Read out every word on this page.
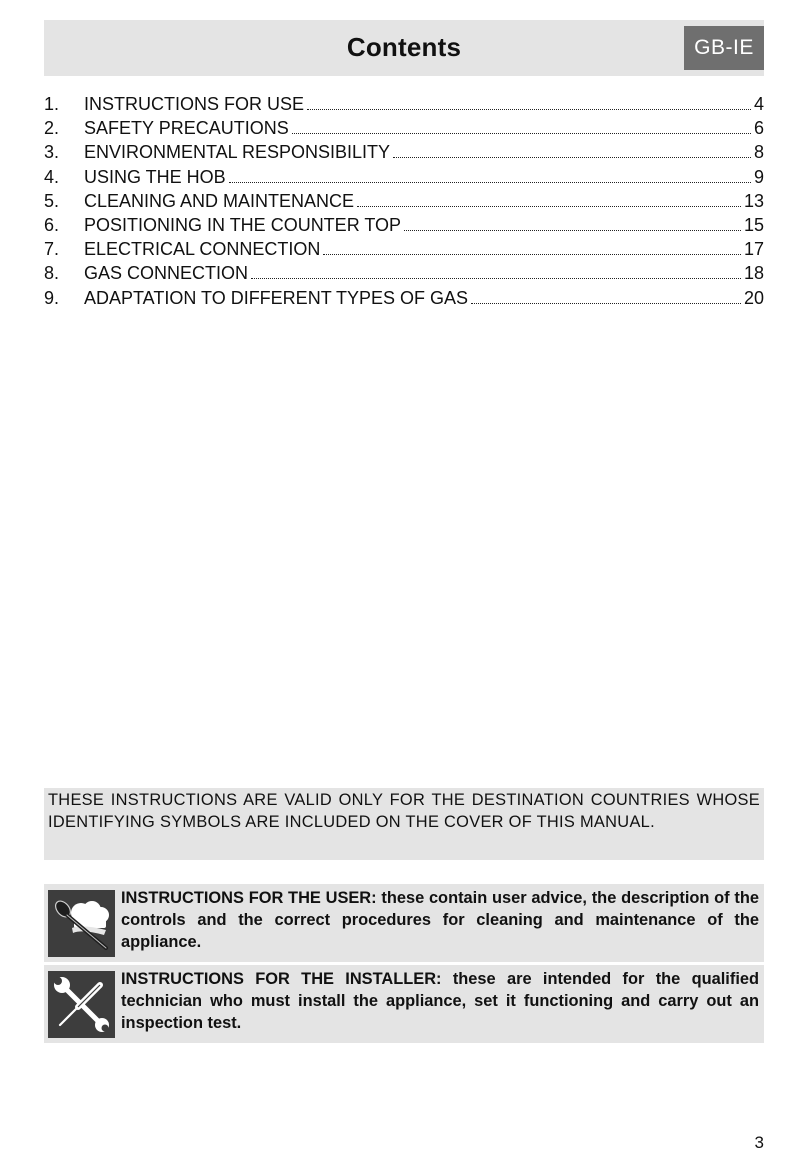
Contents	GB-IE
1.	INSTRUCTIONS FOR USE	4
2.	SAFETY PRECAUTIONS	6
3.	ENVIRONMENTAL RESPONSIBILITY	8
4.	USING THE HOB	9
5.	CLEANING AND MAINTENANCE	13
6.	POSITIONING IN THE COUNTER TOP	15
7.	ELECTRICAL CONNECTION	17
8.	GAS CONNECTION	18
9.	ADAPTATION TO DIFFERENT TYPES OF GAS	20
THESE INSTRUCTIONS ARE VALID ONLY FOR THE DESTINATION COUNTRIES WHOSE IDENTIFYING SYMBOLS ARE INCLUDED ON THE COVER OF THIS MANUAL.
INSTRUCTIONS FOR THE USER: these contain user advice, the description of the controls and the correct procedures for cleaning and maintenance of the appliance.
INSTRUCTIONS FOR THE INSTALLER: these are intended for the qualified technician who must install the appliance, set it functioning and carry out an inspection test.
3
